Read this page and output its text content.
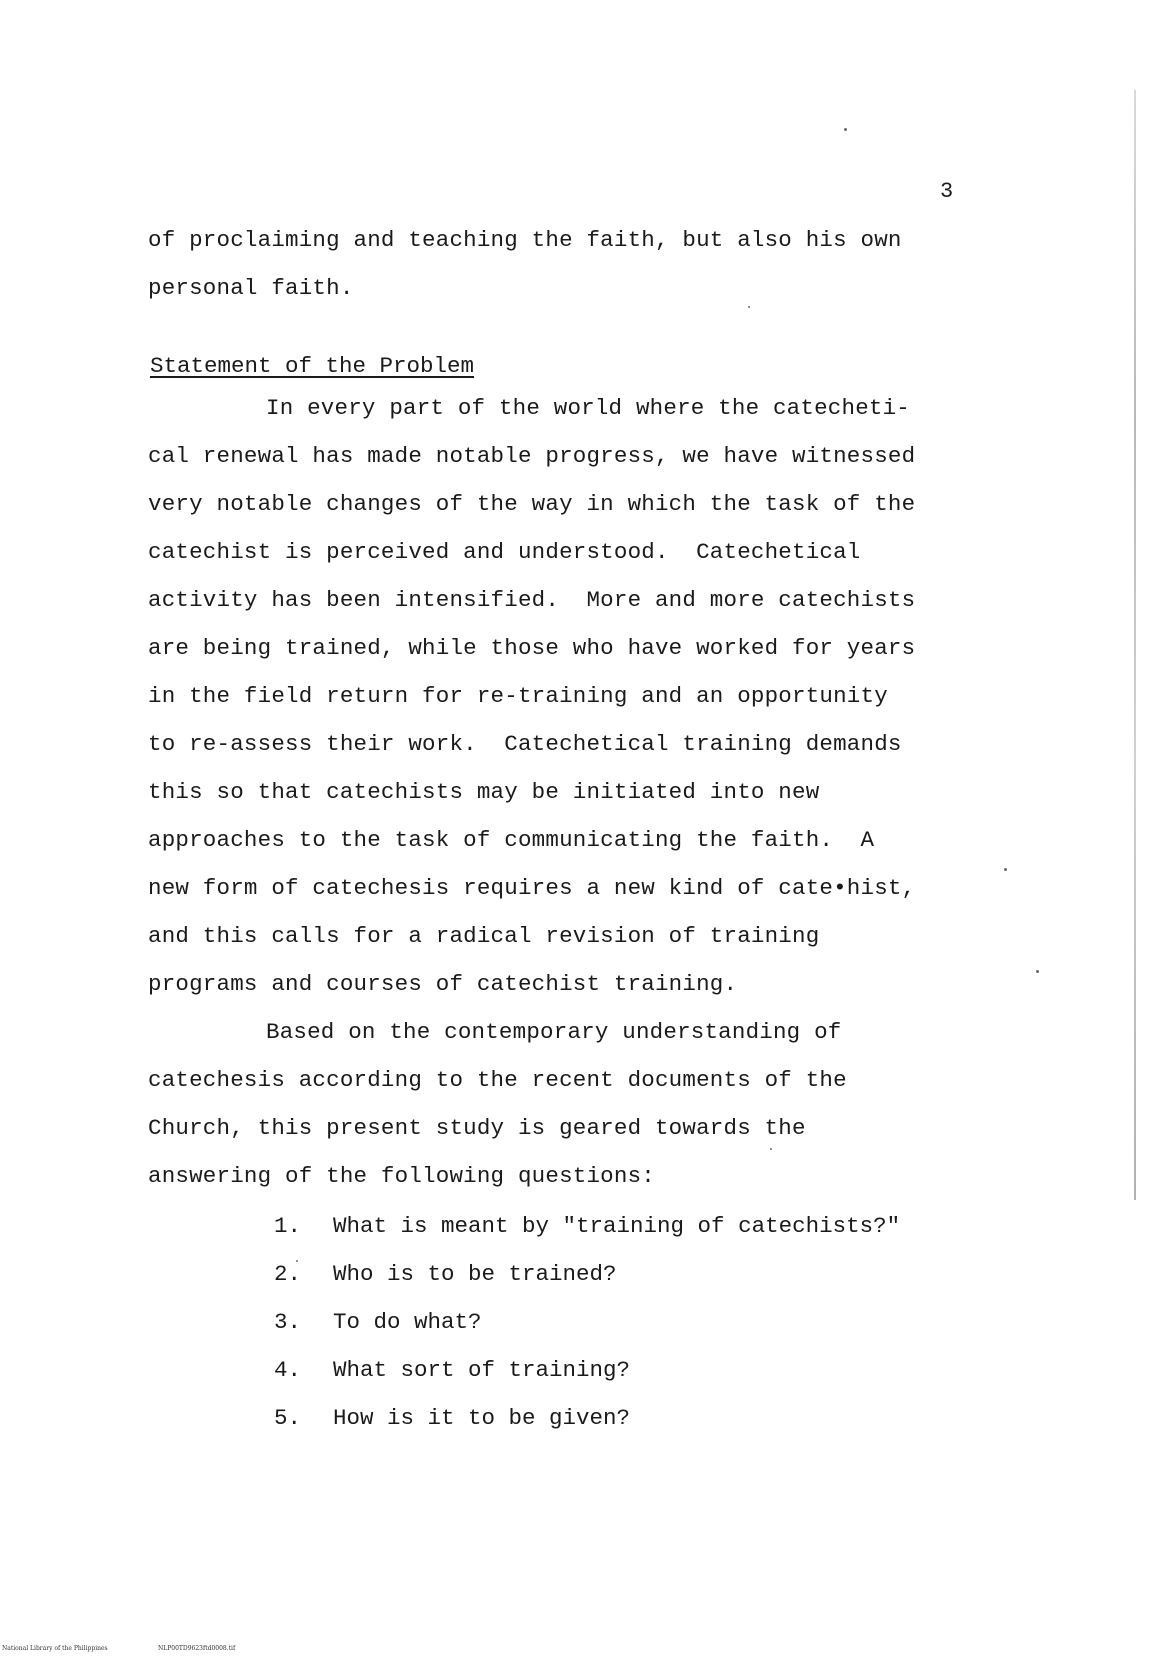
3
of proclaiming and teaching the faith, but also his own
personal faith.
Statement of the Problem
In every part of the world where the catecheti-
cal renewal has made notable progress, we have witnessed
very notable changes of the way in which the task of the
catechist is perceived and understood.  Catechetical
activity has been intensified.  More and more catechists
are being trained, while those who have worked for years
in the field return for re-training and an opportunity
to re-assess their work.  Catechetical training demands
this so that catechists may be initiated into new
approaches to the task of communicating the faith.  A
new form of catechesis requires a new kind of cate•hist,
and this calls for a radical revision of training
programs and courses of catechist training.
Based on the contemporary understanding of
catechesis according to the recent documents of the
Church, this present study is geared towards the
answering of the following questions:
1. What is meant by "training of catechists?"
2. Who is to be trained?
3. To do what?
4. What sort of training?
5. How is it to be given?
National Library of the Philippines	NLP00TD9623ftd0008.tif
